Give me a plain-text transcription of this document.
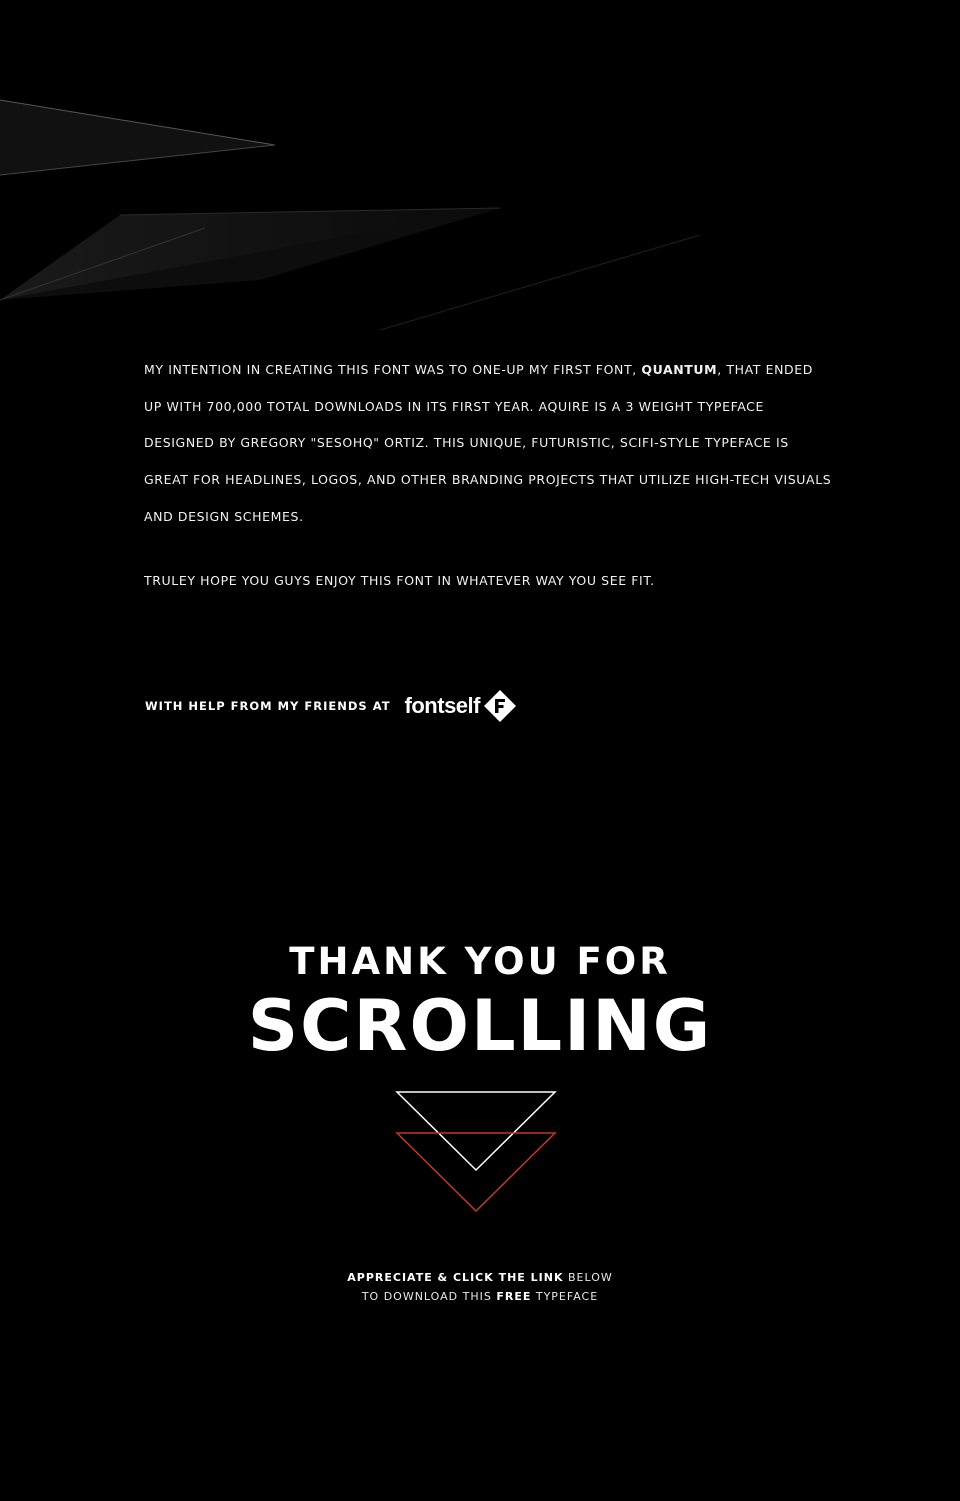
MY INTENTION IN CREATING THIS FONT WAS TO ONE-UP MY FIRST FONT, QUANTUM, THAT ENDED UP WITH 700,000 TOTAL DOWNLOADS IN ITS FIRST YEAR. AQUIRE IS A 3 WEIGHT TYPEFACE DESIGNED BY GREGORY "SESOHQ" ORTIZ. THIS UNIQUE, FUTURISTIC, SCIFI-STYLE TYPEFACE IS GREAT FOR HEADLINES, LOGOS, AND OTHER BRANDING PROJECTS THAT UTILIZE HIGH-TECH VISUALS AND DESIGN SCHEMES.

TRULEY HOPE YOU GUYS ENJOY THIS FONT IN WHATEVER WAY YOU SEE FIT.

WITH HELP FROM MY FRIENDS AT fontself
THANK YOU FOR
SCROLLING
APPRECIATE & CLICK THE LINK BELOW
TO DOWNLOAD THIS FREE TYPEFACE
